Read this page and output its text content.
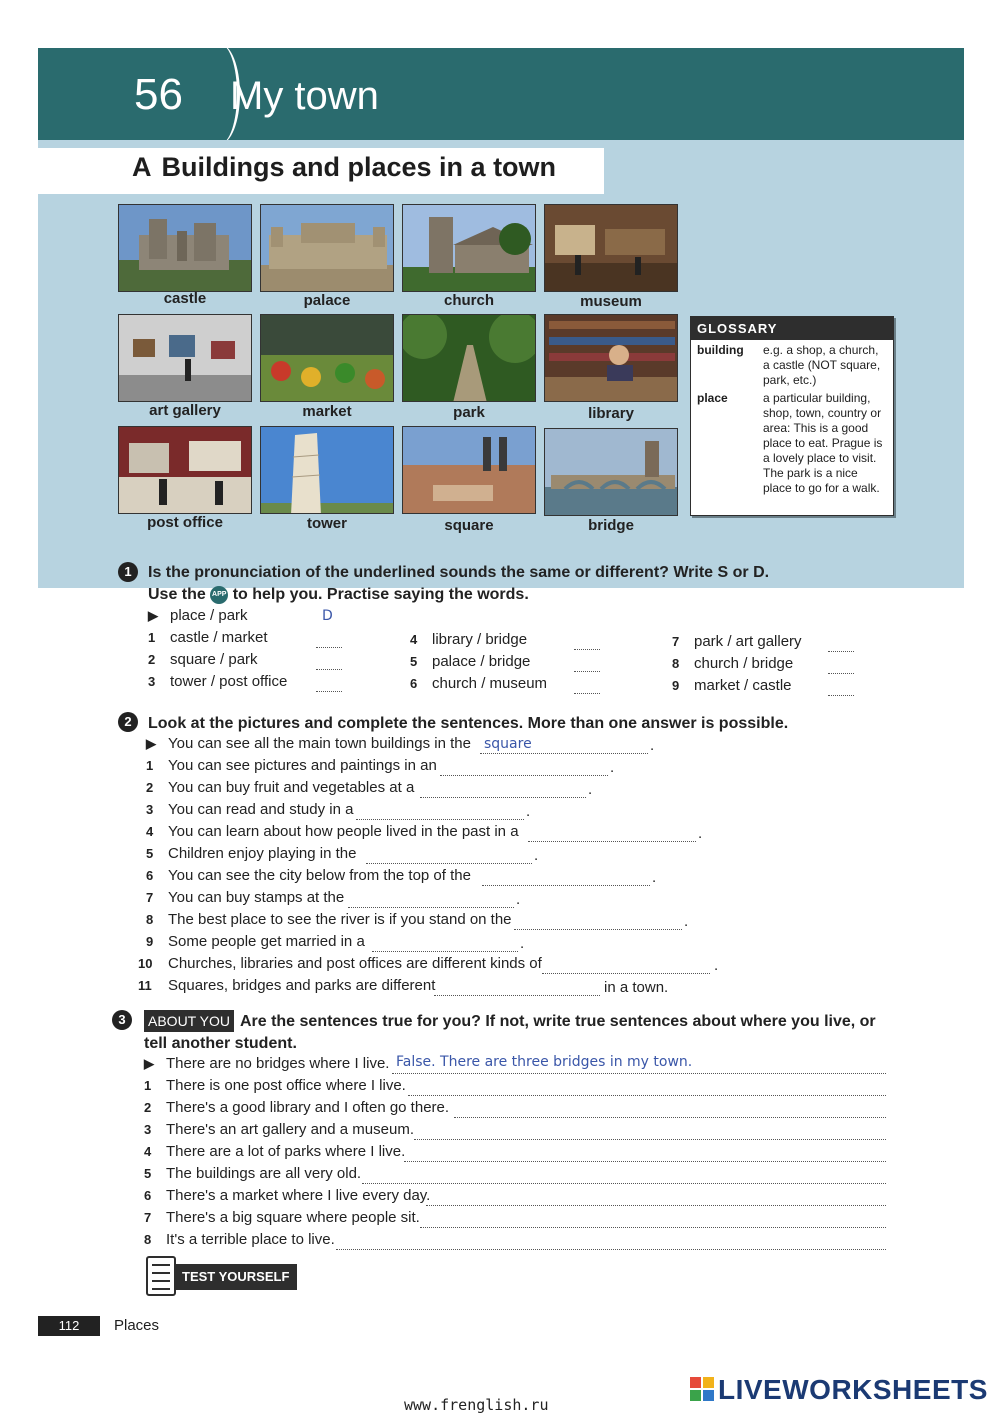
56 My town
A Buildings and places in a town
castle	palace	church	museum
art gallery	market	park	library
post office	tower	square	bridge
GLOSSARY
building	e.g. a shop, a church, a castle (NOT square, park, etc.)
place	a particular building, shop, town, country or area: This is a good place to eat. Prague is a lovely place to visit. The park is a nice place to go for a walk.
1	Is the pronunciation of the underlined sounds the same or different? Write S or D.
Use the APP to help you. Practise saying the words.
▶ place / park	D
1 castle / market
2 square / park
3 tower / post office
4 library / bridge
5 palace / bridge
6 church / museum
7 park / art gallery
8 church / bridge
9 market / castle
2	Look at the pictures and complete the sentences. More than one answer is possible.
▶ You can see all the main town buildings in the square	.
1 You can see pictures and paintings in an	.
2 You can buy fruit and vegetables at a	.
3 You can read and study in a	.
4 You can learn about how people lived in the past in a	.
5 Children enjoy playing in the	.
6 You can see the city below from the top of the	.
7 You can buy stamps at the	.
8 The best place to see the river is if you stand on the	.
9 Some people get married in a	.
10 Churches, libraries and post offices are different kinds of	.
11 Squares, bridges and parks are different	in a town.
3	ABOUT YOU Are the sentences true for you? If not, write true sentences about where you live, or tell another student.
▶ There are no bridges where I live. False. There are three bridges in my town.
1 There is one post office where I live.
2 There's a good library and I often go there.
3 There's an art gallery and a museum.
4 There are a lot of parks where I live.
5 The buildings are all very old.
6 There's a market where I live every day.
7 There's a big square where people sit.
8 It's a terrible place to live.
TEST YOURSELF
112	Places
www.frenglish.ru	LIVEWORKSHEETS
